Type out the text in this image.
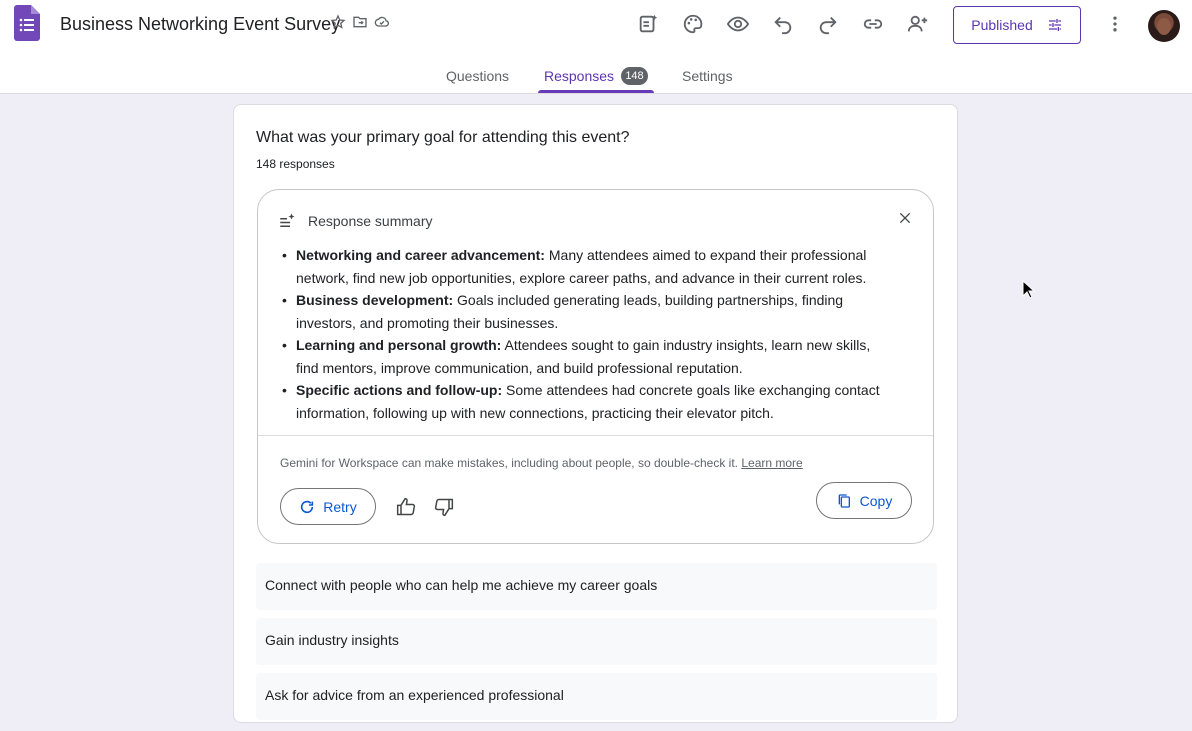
Business Networking Event Survey	Published
Questions Responses	148	Settings
What was your primary goal for attending this event?
148 responses
Response summary
• Networking and career advancement: Many attendees aimed to expand their professional network, find new job opportunities, explore career paths, and advance in their current roles.
• Business development: Goals included generating leads, building partnerships, finding investors, and promoting their businesses.
• Learning and personal growth: Attendees sought to gain industry insights, learn new skills, find mentors, improve communication, and build professional reputation.
• Specific actions and follow-up: Some attendees had concrete goals like exchanging contact information, following up with new connections, practicing their elevator pitch.
Gemini for Workspace can make mistakes, including about people, so double-check it. Learn more
Retry	Copy
Connect with people who can help me achieve my career goals
Gain industry insights
Ask for advice from an experienced professional
